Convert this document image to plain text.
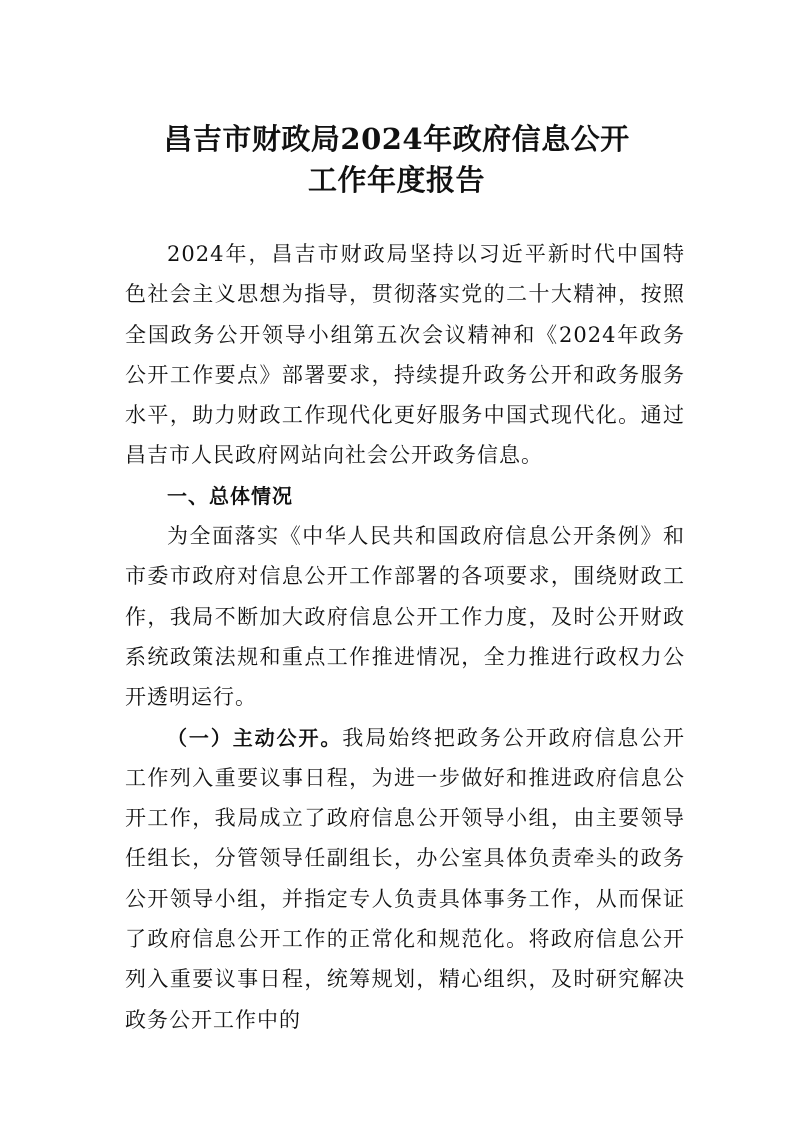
昌吉市财政局2024年政府信息公开
工作年度报告

2024年，昌吉市财政局坚持以习近平新时代中国特色社会主义思想为指导，贯彻落实党的二十大精神，按照全国政务公开领导小组第五次会议精神和《2024年政务公开工作要点》部署要求，持续提升政务公开和政务服务水平，助力财政工作现代化更好服务中国式现代化。通过昌吉市人民政府网站向社会公开政务信息。

一、总体情况

为全面落实《中华人民共和国政府信息公开条例》和市委市政府对信息公开工作部署的各项要求，围绕财政工作，我局不断加大政府信息公开工作力度，及时公开财政系统政策法规和重点工作推进情况，全力推进行政权力公开透明运行。

（一）主动公开。我局始终把政务公开政府信息公开工作列入重要议事日程，为进一步做好和推进政府信息公开工作，我局成立了政府信息公开领导小组，由主要领导任组长，分管领导任副组长，办公室具体负责牵头的政务公开领导小组，并指定专人负责具体事务工作，从而保证了政府信息公开工作的正常化和规范化。将政府信息公开列入重要议事日程，统筹规划，精心组织，及时研究解决政务公开工作中的
